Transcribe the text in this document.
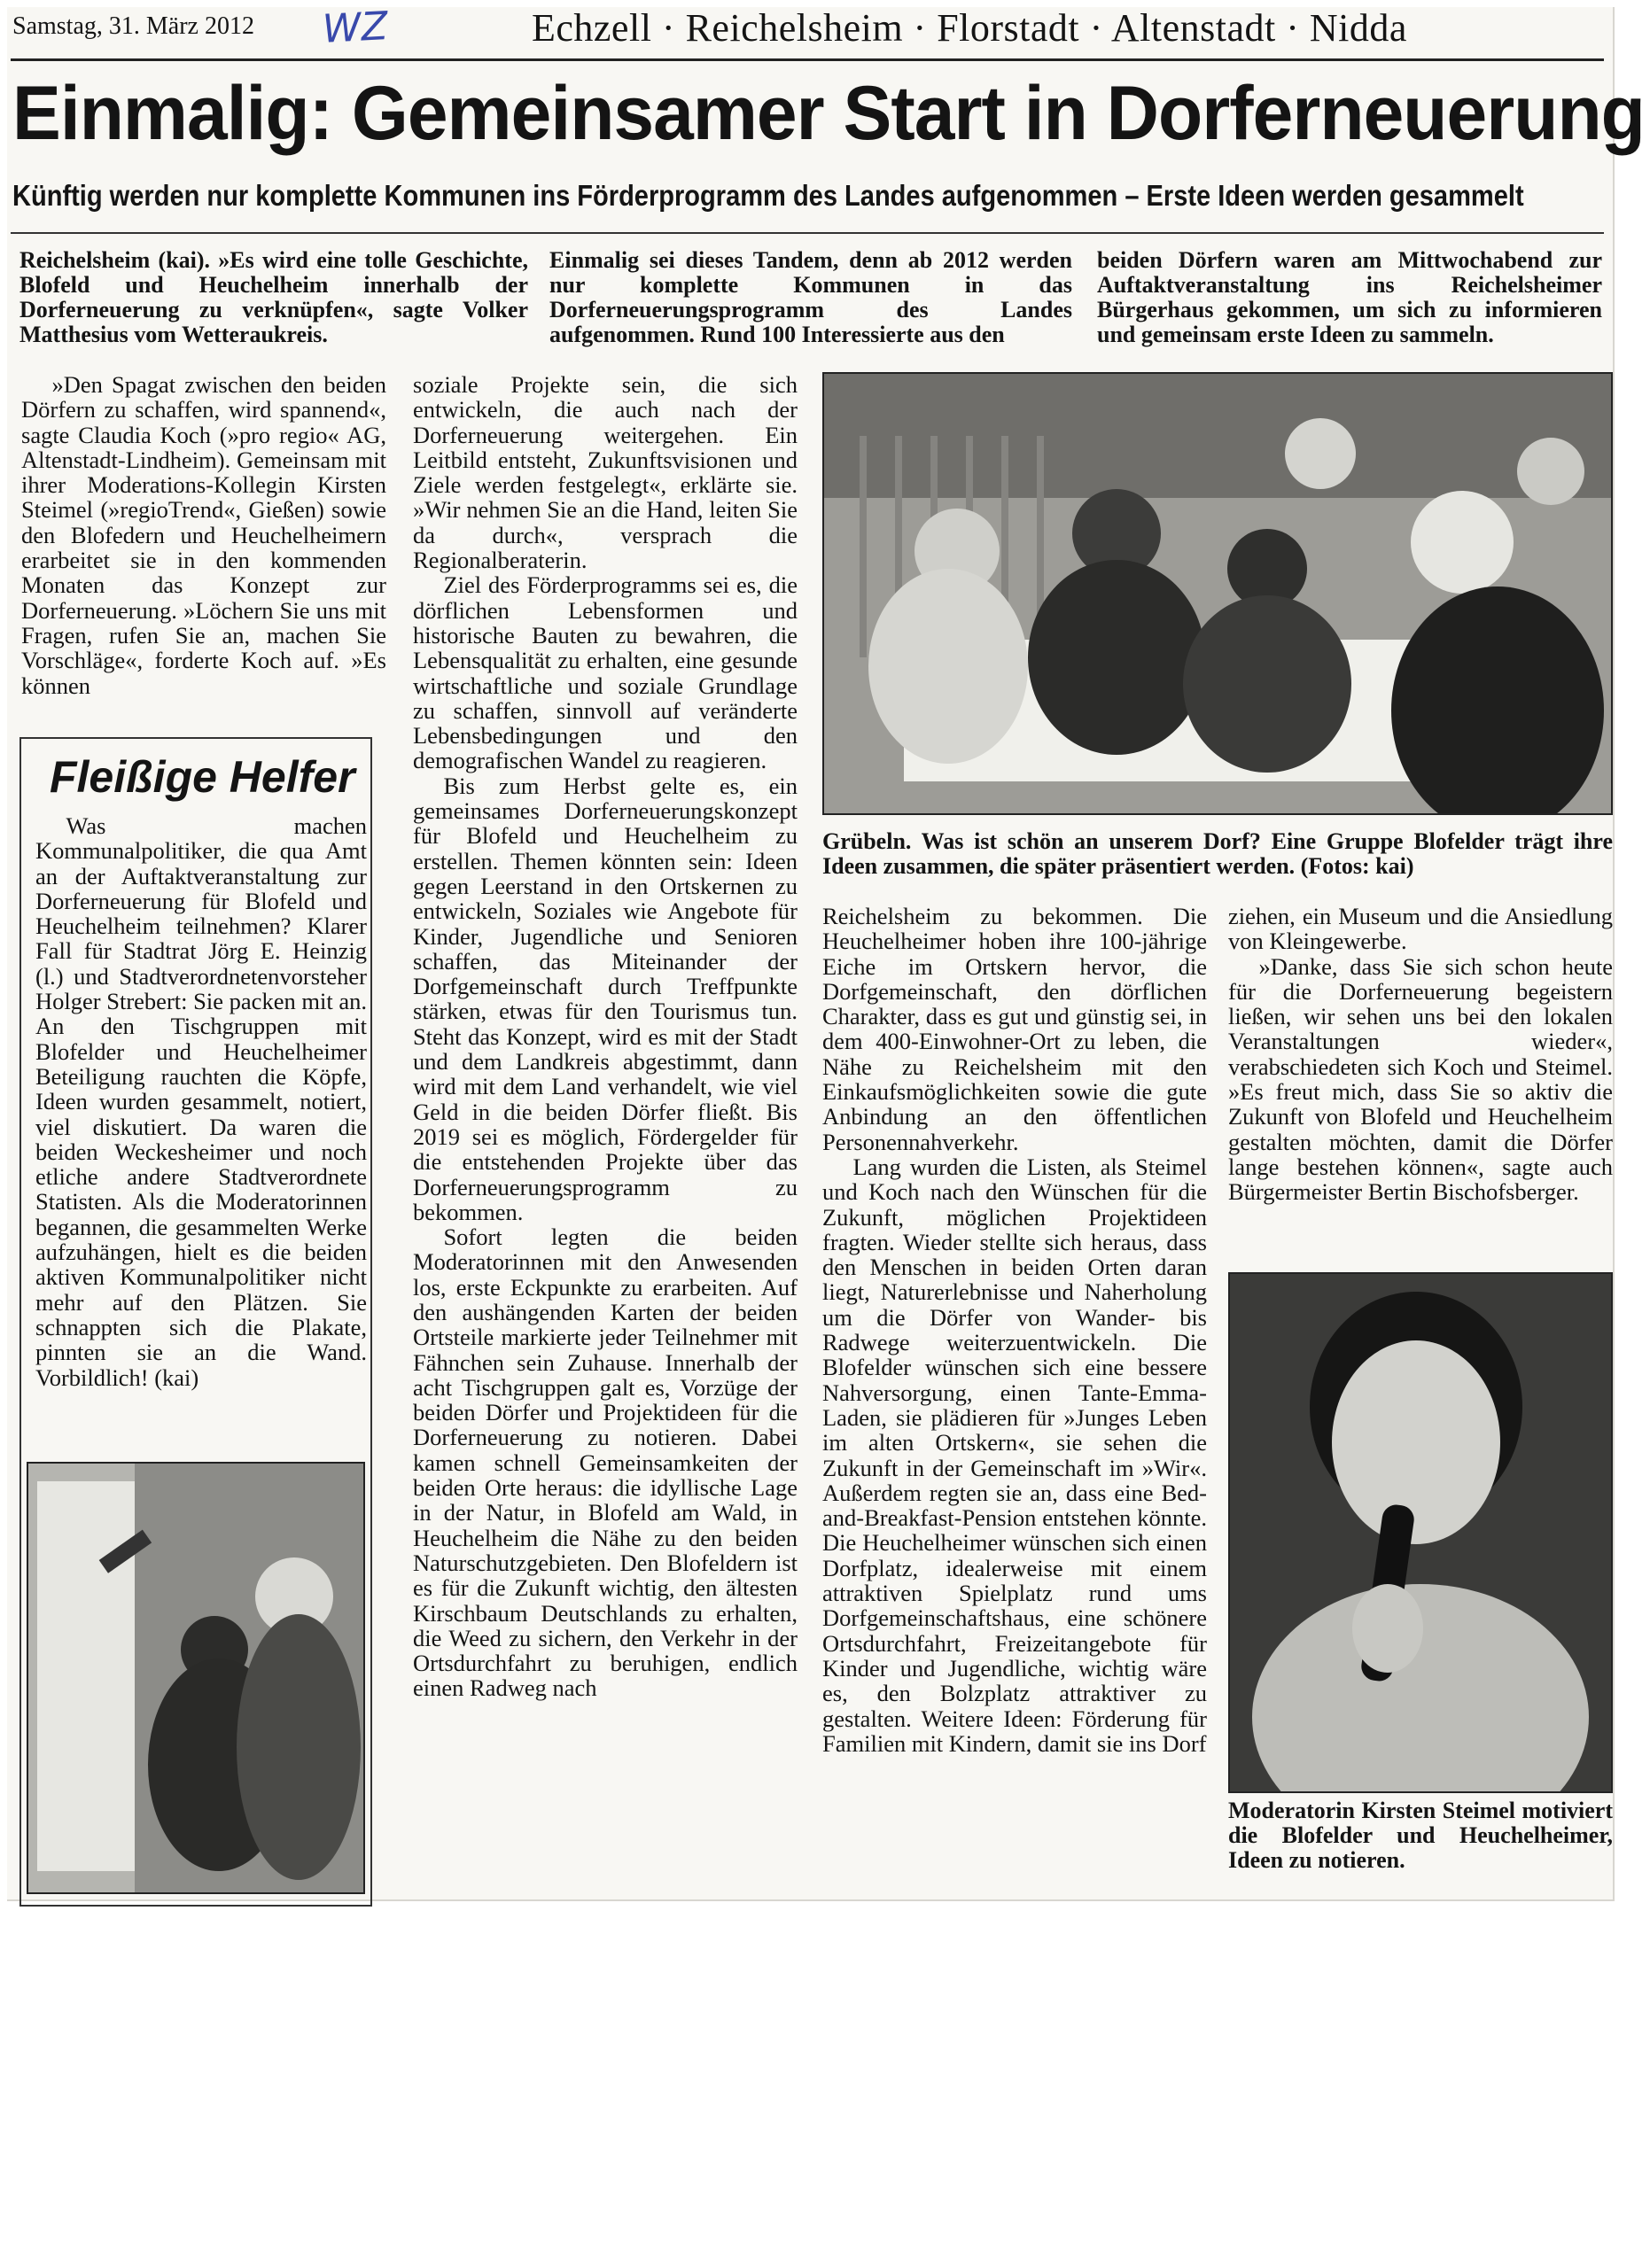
Samstag, 31. März 2012 WZ	Echzell · Reichelsheim · Florstadt · Altenstadt · Nidda
Einmalig: Gemeinsamer Start in Dorferneuerung
Künftig werden nur komplette Kommunen ins Förderprogramm des Landes aufgenommen – Erste Ideen werden gesammelt
Reichelsheim (kai). »Es wird eine tolle Geschichte, Blofeld und Heuchelheim innerhalb der Dorferneuerung zu verknüpfen«, sagte Volker Matthesius vom Wetteraukreis.
Einmalig sei dieses Tandem, denn ab 2012 werden nur komplette Kommunen in das Dorferneuerungsprogramm des Landes aufgenommen. Rund 100 Interessierte aus den
beiden Dörfern waren am Mittwochabend zur Auftaktveranstaltung ins Reichelsheimer Bürgerhaus gekommen, um sich zu informieren und gemeinsam erste Ideen zu sammeln.

»Den Spagat zwischen den beiden Dörfern zu schaffen, wird spannend«, sagte Claudia Koch (»pro regio« AG, Altenstadt-Lindheim). Gemeinsam mit ihrer Moderations-Kollegin Kirsten Steimel (»regioTrend«, Gießen) sowie den Blofedern und Heuchelheimern erarbeitet sie in den kommenden Monaten das Konzept zur Dorferneuerung. »Löchern Sie uns mit Fragen, rufen Sie an, machen Sie Vorschläge«, forderte Koch auf. »Es können

Fleißige Helfer

Was machen Kommunalpolitiker, die qua Amt an der Auftaktveranstaltung zur Dorferneuerung für Blofeld und Heuchelheim teilnehmen? Klarer Fall für Stadtrat Jörg E. Heinzig (l.) und Stadtverordnetenvorsteher Holger Strebert: Sie packen mit an. An den Tischgruppen mit Blofelder und Heuchelheimer Beteiligung rauchten die Köpfe, Ideen wurden gesammelt, notiert, viel diskutiert. Da waren die beiden Weckesheimer und noch etliche andere Stadtverordnete Statisten. Als die Moderatorinnen begannen, die gesammelten Werke aufzuhängen, hielt es die beiden aktiven Kommunalpolitiker nicht mehr auf den Plätzen. Sie schnappten sich die Plakate, pinnten sie an die Wand. Vorbildlich! (kai)

soziale Projekte sein, die sich entwickeln, die auch nach der Dorferneuerung weitergehen. Ein Leitbild entsteht, Zukunftsvisionen und Ziele werden festgelegt«, erklärte sie. »Wir nehmen Sie an die Hand, leiten Sie da durch«, versprach die Regionalberaterin.

Ziel des Förderprogramms sei es, die dörflichen Lebensformen und historische Bauten zu bewahren, die Lebensqualität zu erhalten, eine gesunde wirtschaftliche und soziale Grundlage zu schaffen, sinnvoll auf veränderte Lebensbedingungen und den demografischen Wandel zu reagieren.

Bis zum Herbst gelte es, ein gemeinsames Dorferneuerungskonzept für Blofeld und Heuchelheim zu erstellen. Themen könnten sein: Ideen gegen Leerstand in den Ortskernen zu entwickeln, Soziales wie Angebote für Kinder, Jugendliche und Senioren schaffen, das Miteinander der Dorfgemeinschaft durch Treffpunkte stärken, etwas für den Tourismus tun. Steht das Konzept, wird es mit der Stadt und dem Landkreis abgestimmt, dann wird mit dem Land verhandelt, wie viel Geld in die beiden Dörfer fließt. Bis 2019 sei es möglich, Fördergelder für die entstehenden Projekte über das Dorferneuerungsprogramm zu bekommen.

Sofort legten die beiden Moderatorinnen mit den Anwesenden los, erste Eckpunkte zu erarbeiten. Auf den aushängenden Karten der beiden Ortsteile markierte jeder Teilnehmer mit Fähnchen sein Zuhause. Innerhalb der acht Tischgruppen galt es, Vorzüge der beiden Dörfer und Projektideen für die Dorferneuerung zu notieren. Dabei kamen schnell Gemeinsamkeiten der beiden Orte heraus: die idyllische Lage in der Natur, in Blofeld am Wald, in Heuchelheim die Nähe zu den beiden Naturschutzgebieten. Den Blofeldern ist es für die Zukunft wichtig, den ältesten Kirschbaum Deutschlands zu erhalten, die Weed zu sichern, den Verkehr in der Ortsdurchfahrt zu beruhigen, endlich einen Radweg nach

Grübeln. Was ist schön an unserem Dorf? Eine Gruppe Blofelder trägt ihre Ideen zusammen, die später präsentiert werden. (Fotos: kai)

Reichelsheim zu bekommen. Die Heuchelheimer hoben ihre 100-jährige Eiche im Ortskern hervor, die Dorfgemeinschaft, den dörflichen Charakter, dass es gut und günstig sei, in dem 400-Einwohner-Ort zu leben, die Nähe zu Reichelsheim mit den Einkaufsmöglichkeiten sowie die gute Anbindung an den öffentlichen Personennahverkehr.

Lang wurden die Listen, als Steimel und Koch nach den Wünschen für die Zukunft, möglichen Projektideen fragten. Wieder stellte sich heraus, dass den Menschen in beiden Orten daran liegt, Naturerlebnisse und Naherholung um die Dörfer von Wander- bis Radwege weiterzuentwickeln. Die Blofelder wünschen sich eine bessere Nahversorgung, einen Tante-Emma-Laden, sie plädieren für »Junges Leben im alten Ortskern«, sie sehen die Zukunft in der Gemeinschaft im »Wir«. Außerdem regten sie an, dass eine Bed-and-Breakfast-Pension entstehen könnte. Die Heuchelheimer wünschen sich einen Dorfplatz, idealerweise mit einem attraktiven Spielplatz rund ums Dorfgemeinschaftshaus, eine schönere Ortsdurchfahrt, Freizeitangebote für Kinder und Jugendliche, wichtig wäre es, den Bolzplatz attraktiver zu gestalten. Weitere Ideen: Förderung für Familien mit Kindern, damit sie ins Dorf

ziehen, ein Museum und die Ansiedlung von Kleingewerbe.

»Danke, dass Sie sich schon heute für die Dorferneuerung begeistern ließen, wir sehen uns bei den lokalen Veranstaltungen wieder«, verabschiedeten sich Koch und Steimel. »Es freut mich, dass Sie so aktiv die Zukunft von Blofeld und Heuchelheim gestalten möchten, damit die Dörfer lange bestehen können«, sagte auch Bürgermeister Bertin Bischofsberger.

Moderatorin Kirsten Steimel motiviert die Blofelder und Heuchelheimer, Ideen zu notieren.
